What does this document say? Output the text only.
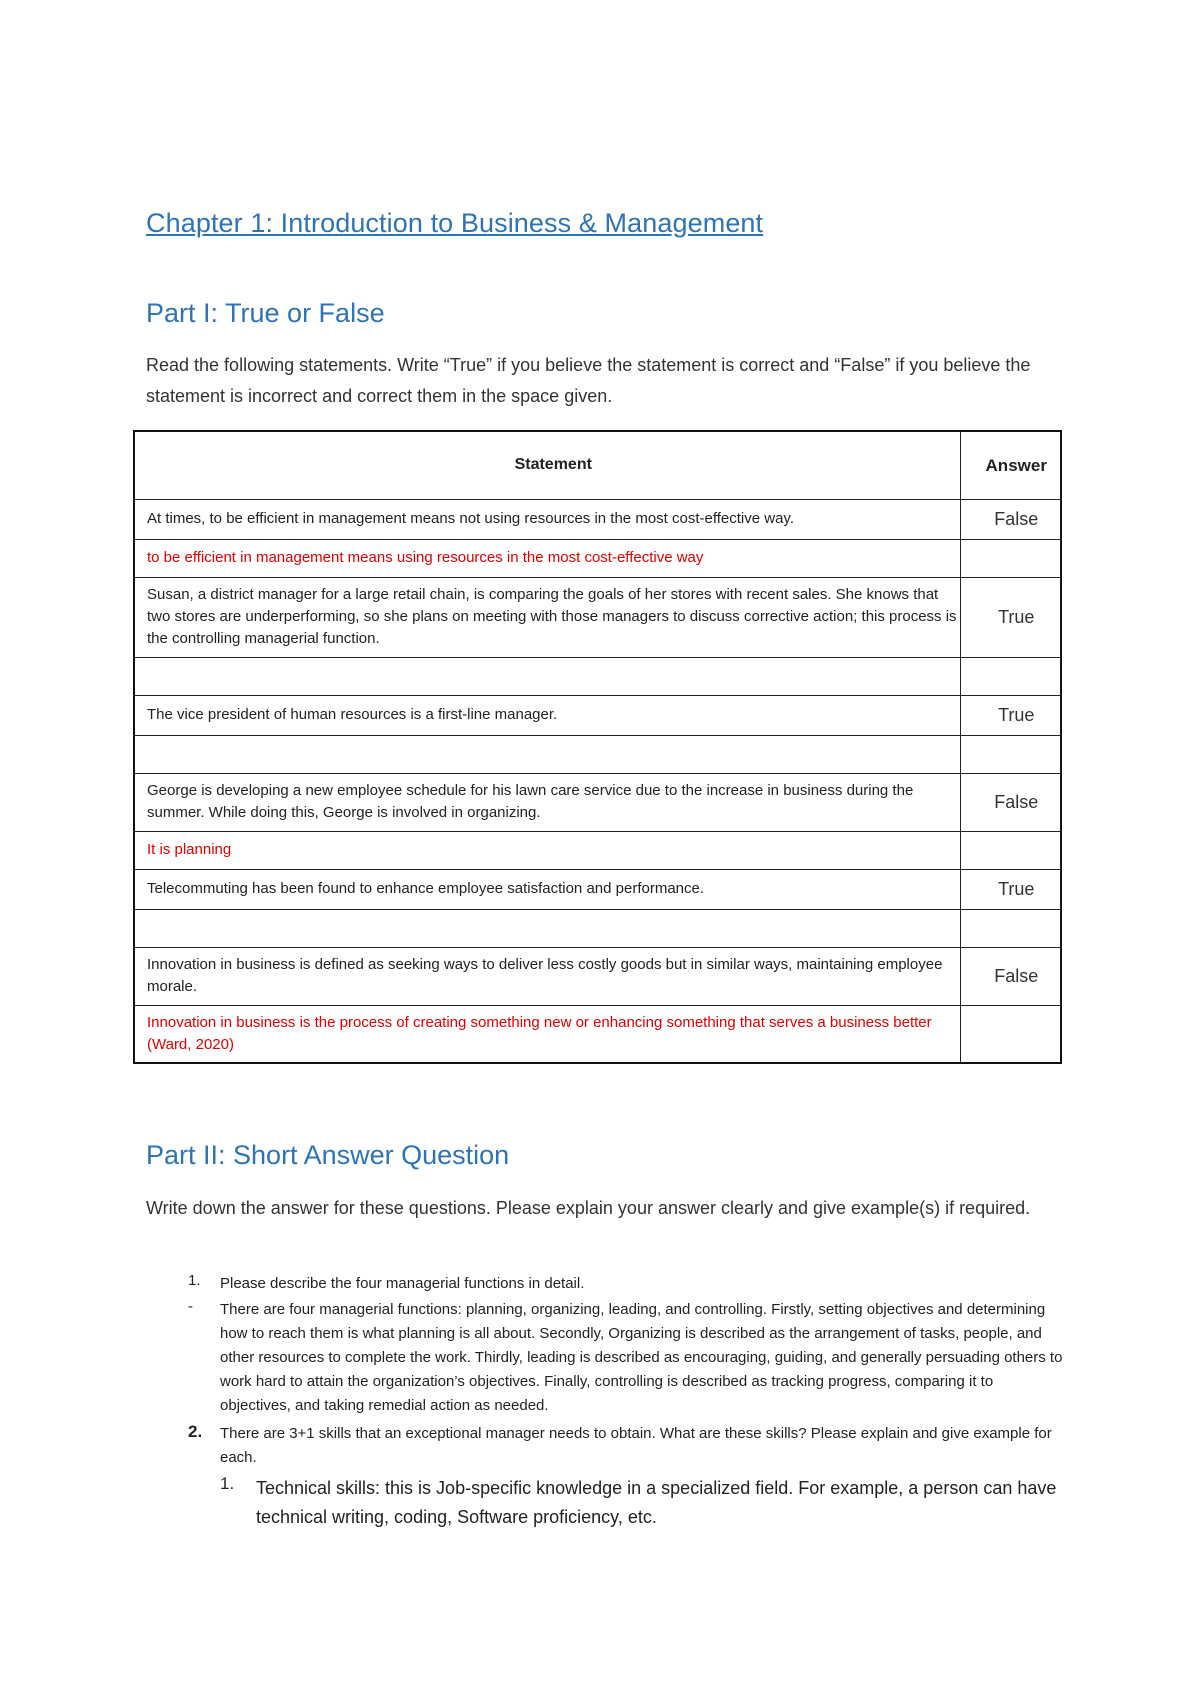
Chapter 1: Introduction to Business & Management
Part I: True or False

Read the following statements. Write “True” if you believe the statement is correct and “False” if you believe the statement is incorrect and correct them in the space given.

Statement	Answer
At times, to be efficient in management means not using resources in the most cost-effective way.	False
to be efficient in management means using resources in the most cost-effective way	
Susan, a district manager for a large retail chain, is comparing the goals of her stores with recent sales. She knows that two stores are underperforming, so she plans on meeting with those managers to discuss corrective action; this process is the controlling managerial function.	True

The vice president of human resources is a first-line manager.	True

George is developing a new employee schedule for his lawn care service due to the increase in business during the summer. While doing this, George is involved in organizing.	False
It is planning	
Telecommuting has been found to enhance employee satisfaction and performance.	True

Innovation in business is defined as seeking ways to deliver less costly goods but in similar ways, maintaining employee morale.	False
Innovation in business is the process of creating something new or enhancing something that serves a business better (Ward, 2020)	
Part II: Short Answer Question

Write down the answer for these questions. Please explain your answer clearly and give example(s) if required.

1. Please describe the four managerial functions in detail.
- There are four managerial functions: planning, organizing, leading, and controlling. Firstly, setting objectives and determining how to reach them is what planning is all about. Secondly, Organizing is described as the arrangement of tasks, people, and other resources to complete the work. Thirdly, leading is described as encouraging, guiding, and generally persuading others to work hard to attain the organization’s objectives. Finally, controlling is described as tracking progress, comparing it to objectives, and taking remedial action as needed.
2. There are 3+1 skills that an exceptional manager needs to obtain. What are these skills? Please explain and give example for each.
1. Technical skills: this is Job-specific knowledge in a specialized field. For example, a person can have technical writing, coding, Software proficiency, etc.
